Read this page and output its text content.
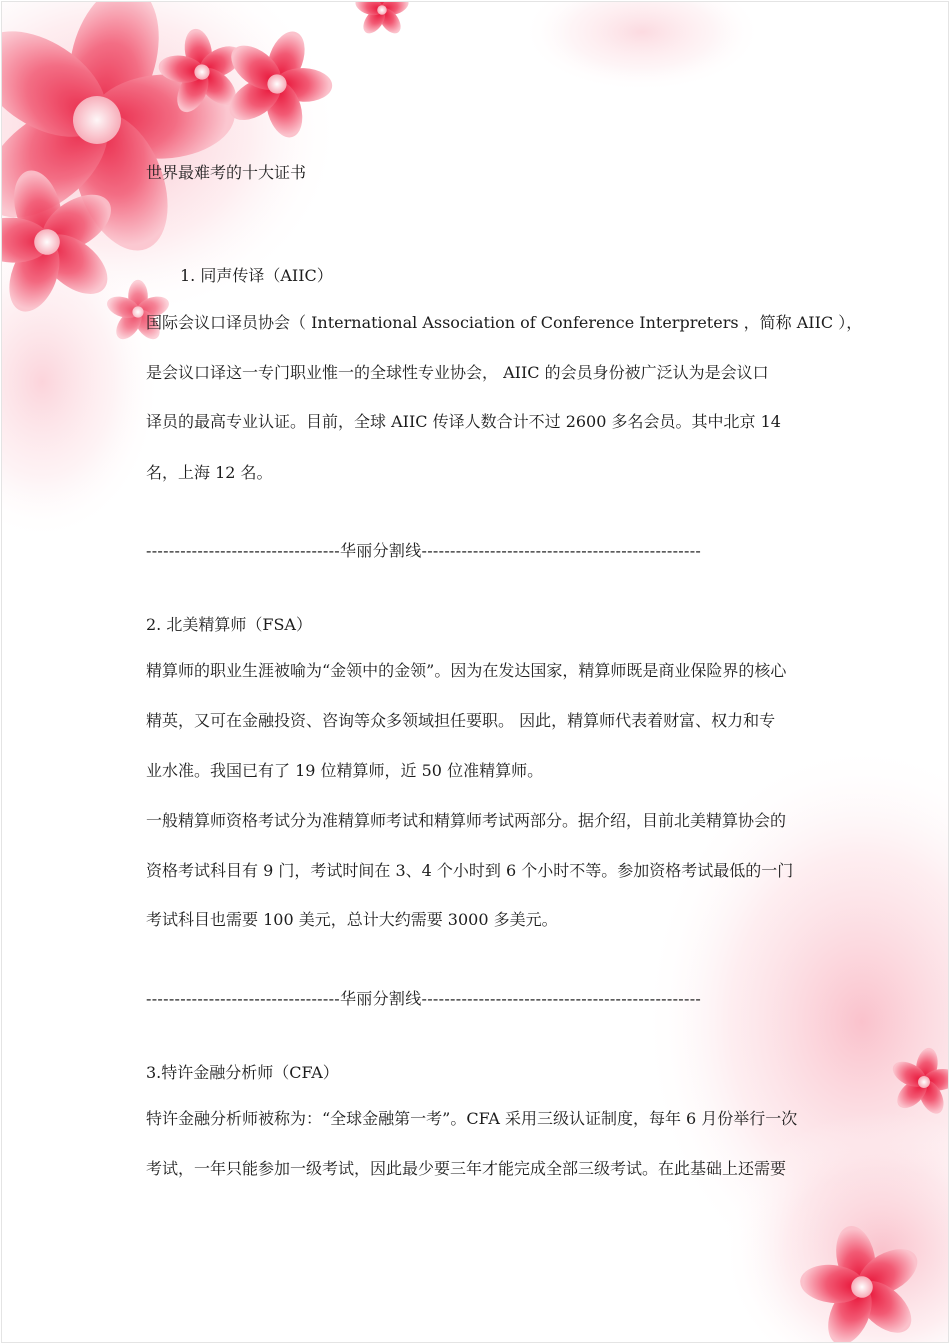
世界最难考的十大证书
1. 同声传译（AIIC）
国际会议口译员协会（ International Association of Conference Interpreters ，简称 AIIC ），
是会议口译这一专门职业惟一的全球性专业协会， AIIC 的会员身份被广泛认为是会议口
译员的最高专业认证。目前，全球 AIIC 传译人数合计不过 2600 多名会员。其中北京 14
名，上海 12 名。
----------------------------------华丽分割线-------------------------------------------------
2. 北美精算师（FSA）
精算师的职业生涯被喻为“金领中的金领”。因为在发达国家，精算师既是商业保险界的核心
精英，又可在金融投资、咨询等众多领域担任要职。 因此，精算师代表着财富、权力和专
业水准。我国已有了 19 位精算师，近 50 位准精算师。
一般精算师资格考试分为准精算师考试和精算师考试两部分。据介绍，目前北美精算协会的
资格考试科目有 9 门，考试时间在 3、4 个小时到 6 个小时不等。参加资格考试最低的一门
考试科目也需要 100 美元，总计大约需要 3000 多美元。
----------------------------------华丽分割线-------------------------------------------------
3.特许金融分析师（CFA）
特许金融分析师被称为：“全球金融第一考”。CFA 采用三级认证制度，每年 6 月份举行一次
考试，一年只能参加一级考试，因此最少要三年才能完成全部三级考试。在此基础上还需要
